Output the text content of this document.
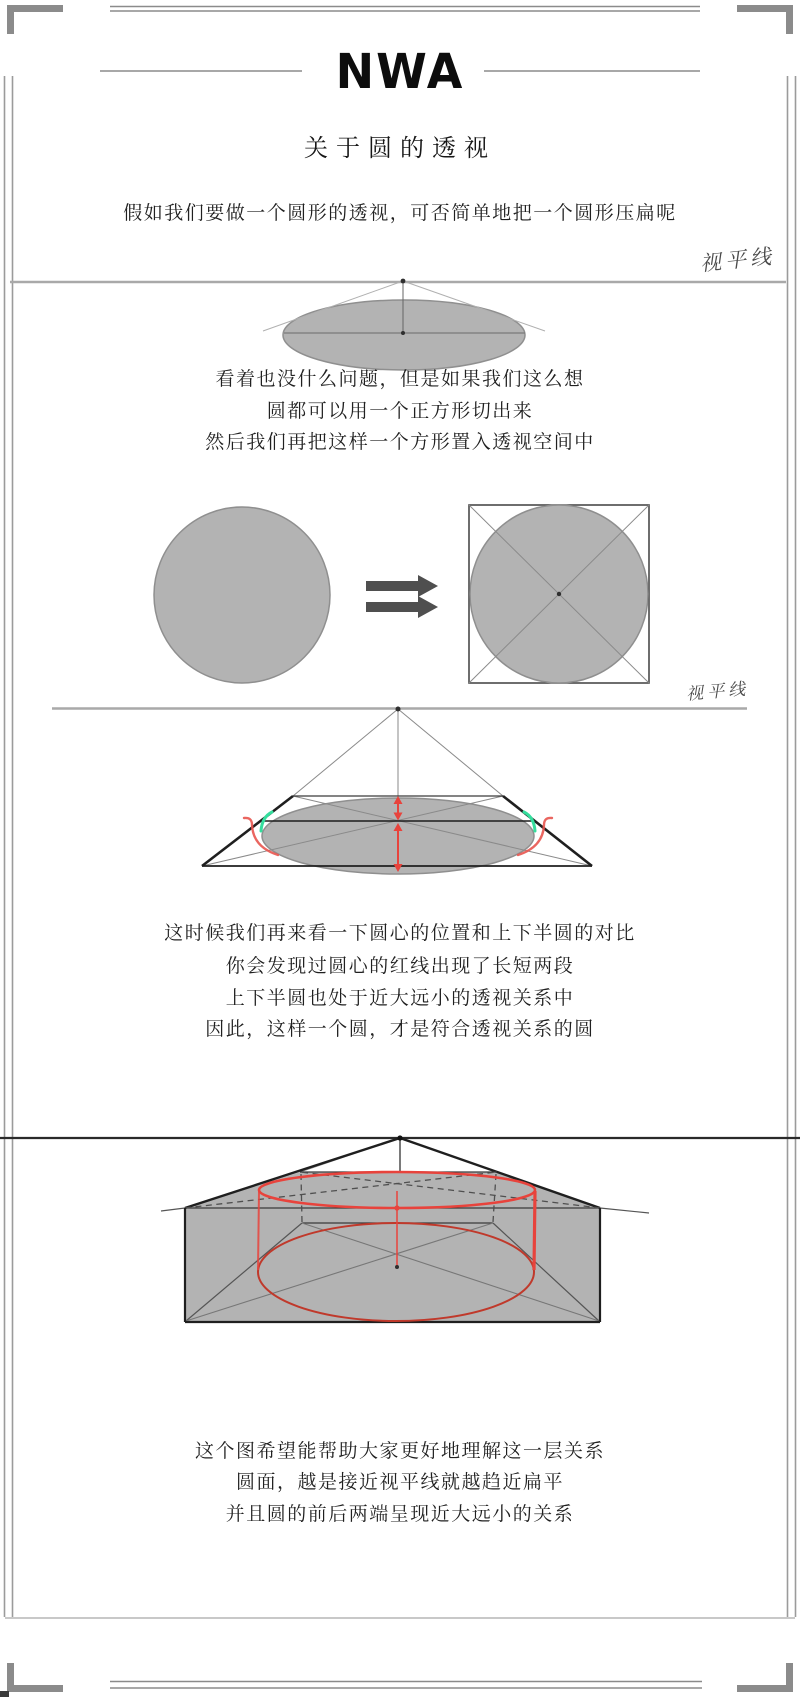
NWA
关于圆的透视
假如我们要做一个圆形的透视，可否简单地把一个圆形压扁呢
视平线
视平线
看着也没什么问题，但是如果我们这么想
圆都可以用一个正方形切出来
然后我们再把这样一个方形置入透视空间中
这时候我们再来看一下圆心的位置和上下半圆的对比
你会发现过圆心的红线出现了长短两段
上下半圆也处于近大远小的透视关系中
因此，这样一个圆，才是符合透视关系的圆
这个图希望能帮助大家更好地理解这一层关系
圆面，越是接近视平线就越趋近扁平
并且圆的前后两端呈现近大远小的关系
